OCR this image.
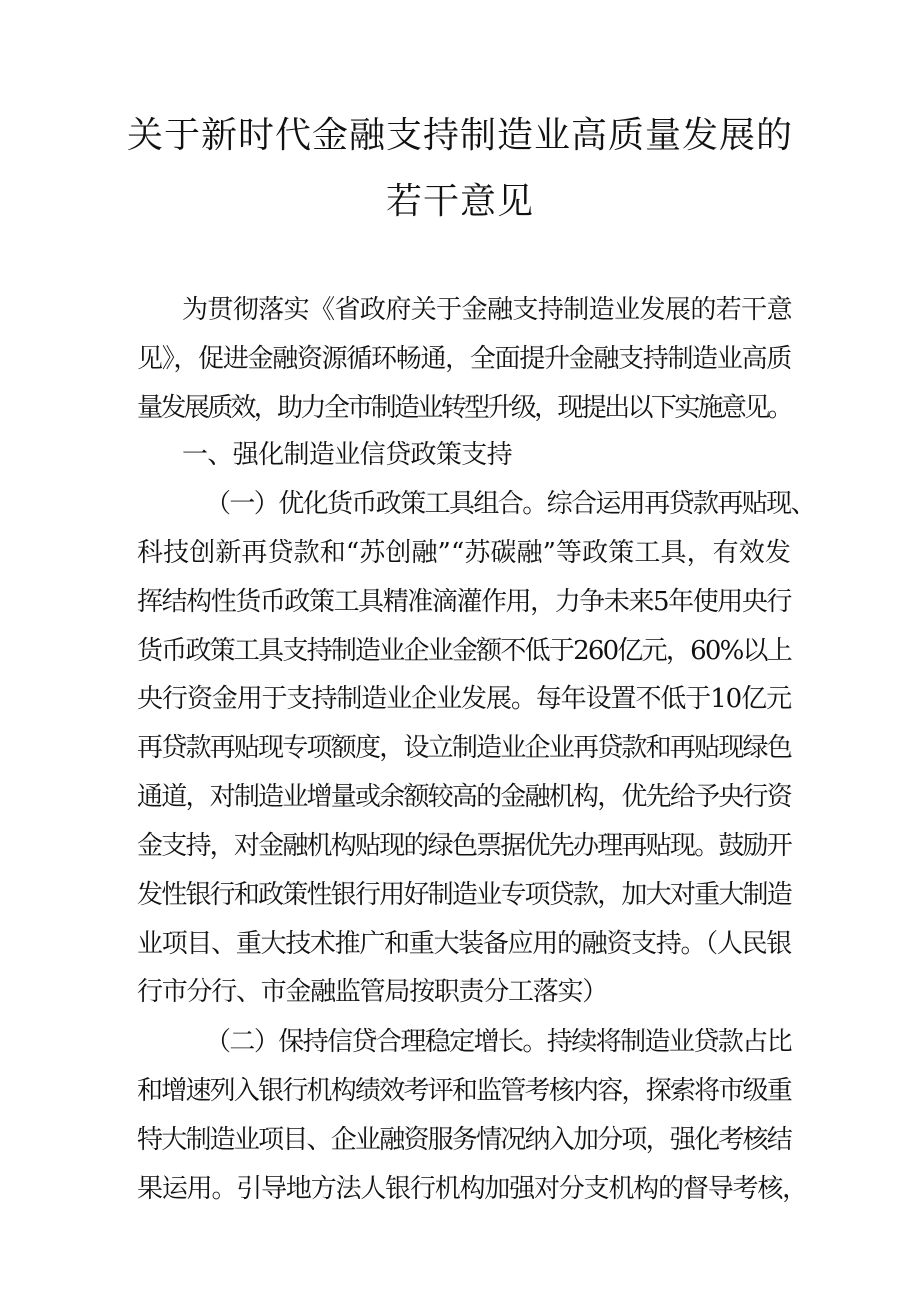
关于新时代金融支持制造业高质量发展的
若干意见
为贯彻落实《省政府关于金融支持制造业发展的若干意
见》，促进金融资源循环畅通，全面提升金融支持制造业高质
量发展质效，助力全市制造业转型升级，现提出以下实施意见。
一、强化制造业信贷政策支持
（一）优化货币政策工具组合。综合运用再贷款再贴现、
科技创新再贷款和“苏创融”“苏碳融”等政策工具，有效发
挥结构性货币政策工具精准滴灌作用，力争未来5年使用央行
货币政策工具支持制造业企业金额不低于260亿元，60%以上
央行资金用于支持制造业企业发展。每年设置不低于10亿元
再贷款再贴现专项额度，设立制造业企业再贷款和再贴现绿色
通道，对制造业增量或余额较高的金融机构，优先给予央行资
金支持，对金融机构贴现的绿色票据优先办理再贴现。鼓励开
发性银行和政策性银行用好制造业专项贷款，加大对重大制造
业项目、重大技术推广和重大装备应用的融资支持。（人民银
行市分行、市金融监管局按职责分工落实）
（二）保持信贷合理稳定增长。持续将制造业贷款占比
和增速列入银行机构绩效考评和监管考核内容，探索将市级重
特大制造业项目、企业融资服务情况纳入加分项，强化考核结
果运用。引导地方法人银行机构加强对分支机构的督导考核，
